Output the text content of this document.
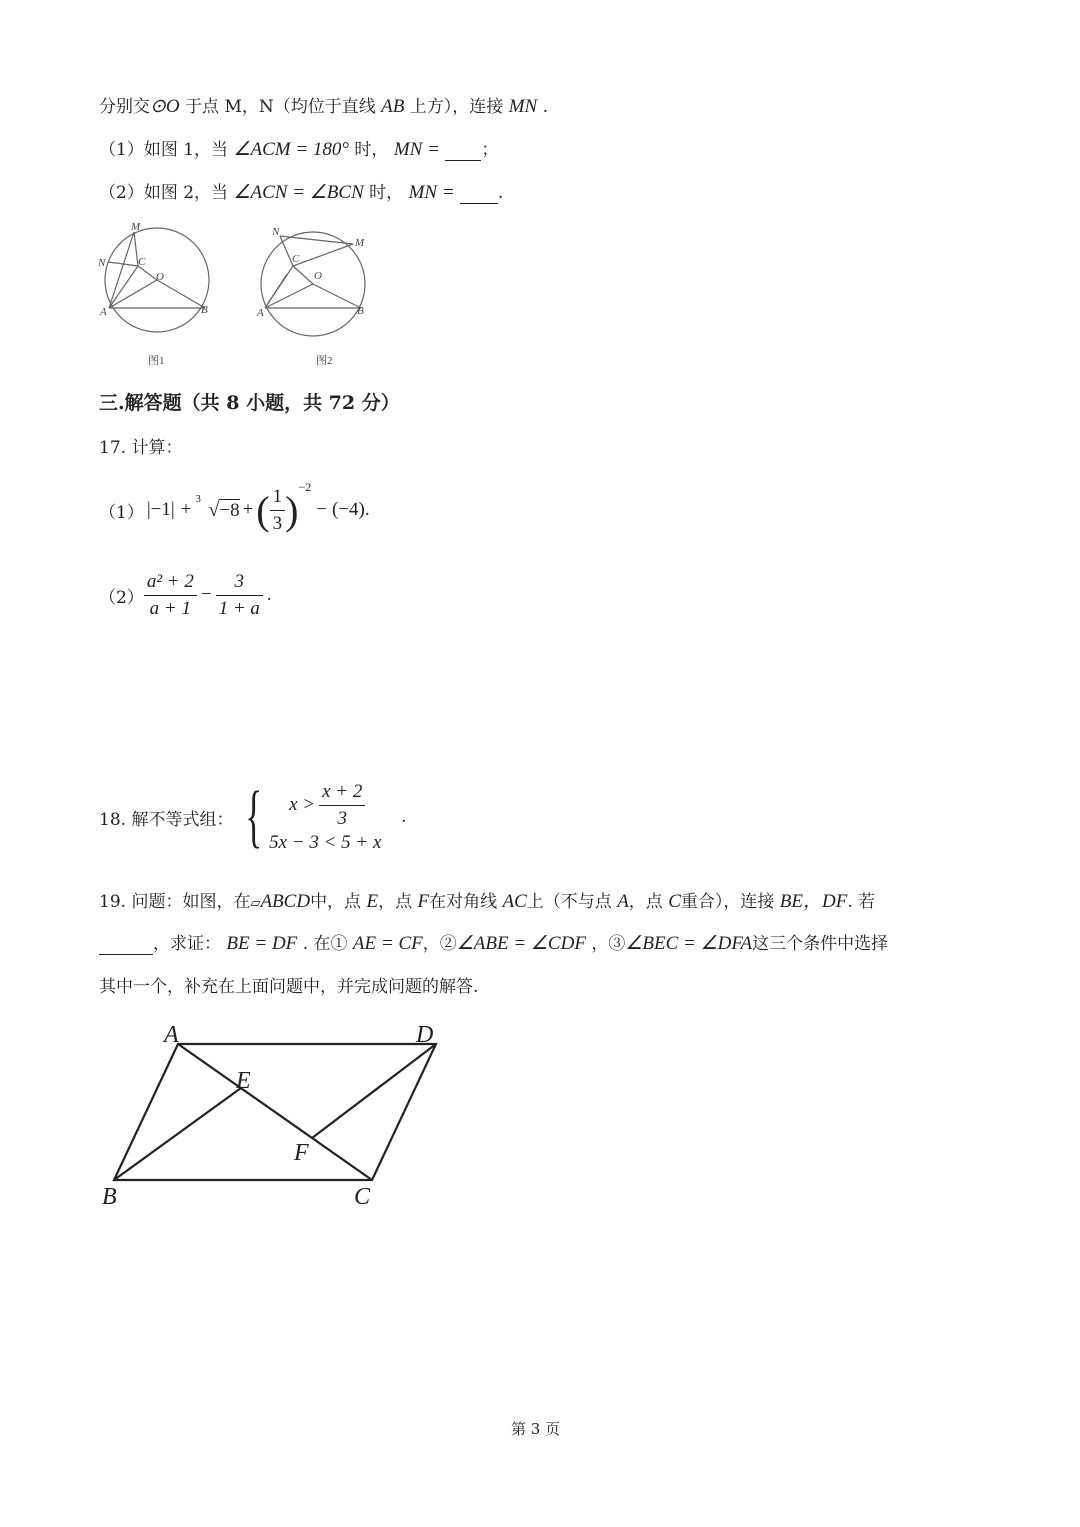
分别交⊙O 于点 M，N（均位于直线 AB 上方），连接 MN .
（1）如图 1，当 ∠ACM = 180° 时， MN = ；
（2）如图 2，当 ∠ACN = ∠BCN 时， MN =	.
M
N	C
O
A	B
图1
N
M
C
O
A	B
图2
三.解答题（共 8 小题，共 72 分）
17. 计算：
（1） |−1| +
3 √−8 + ( $\frac{1}{3}$ )
$^{-2}$
− (−4) .
$(2) \frac{\text{a² + 2}}{a + 1} - \frac{3}{1 + a}$ .
18. 解不等式组： { $x > \frac{x + 2}{3}$
5x − 3 < 5 + x
.
19. 问题：如图，在▱ABCD中，点 E，点 F在对角线 AC上（不与点 A，点 C重合），连接 BE，DF. 若
，求证： BE = DF . 在① AE = CF，②∠ABE = ∠CDF ，③∠BEC = ∠DFA这三个条件中选择
其中一个，补充在上面问题中，并完成问题的解答.
A	D
E
F
B	C
第 3 页
